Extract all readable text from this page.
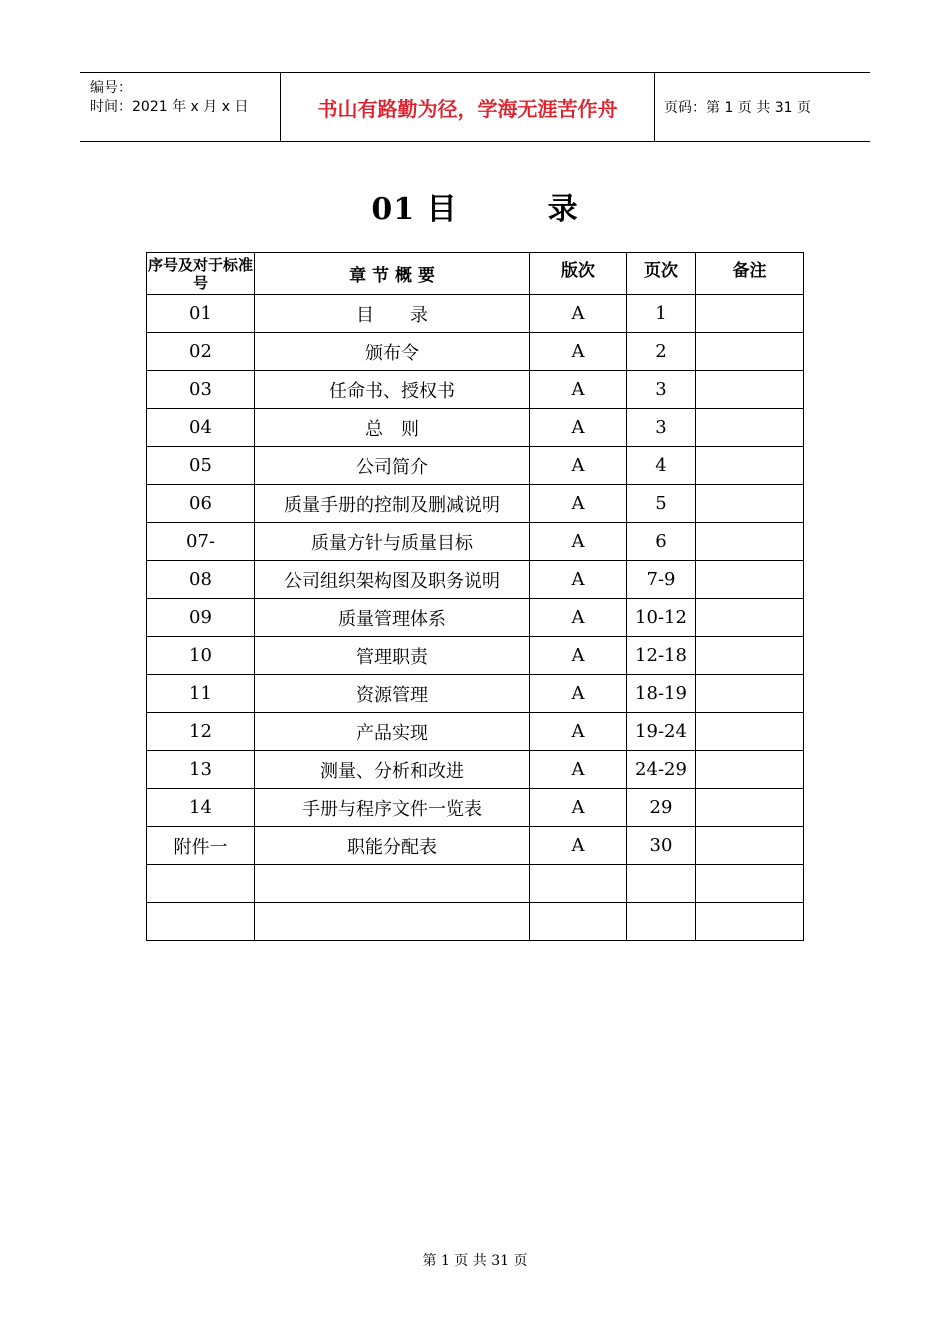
编号：
时间：2021 年 x 月 x 日	书山有路勤为径，学海无涯苦作舟	页码：第 1 页 共 31 页
01 目	录
序号及对于标准号	章 节 概 要	版次	页次	备注
01	目　　录	A	1	
02	颁布令	A	2	
03	任命书、授权书	A	3	
04	总　则	A	3	
05	公司简介	A	4	
06	质量手册的控制及删减说明	A	5	
07-	质量方针与质量目标	A	6	
08	公司组织架构图及职务说明	A	7-9	
09	质量管理体系	A	10-12	
10	管理职责	A	12-18	
11	资源管理	A	18-19	
12	产品实现	A	19-24	
13	测量、分析和改进	A	24-29	
14	手册与程序文件一览表	A	29	
附件一	职能分配表	A	30	

第 1 页 共 31 页
